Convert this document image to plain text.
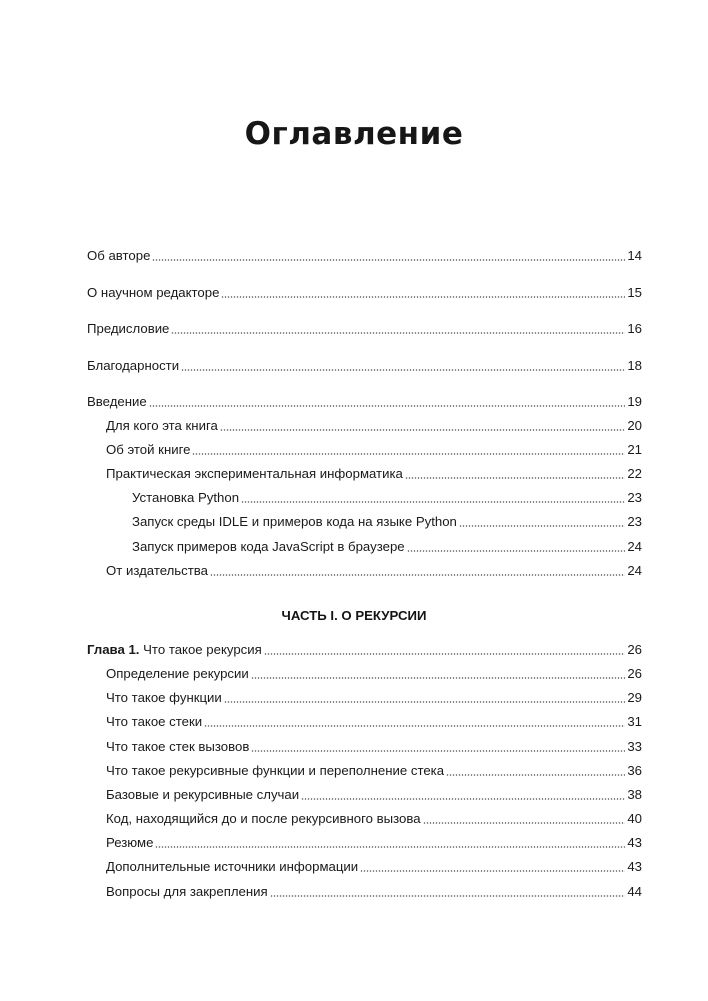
Оглавление
Об авторе	14
О научном редакторе	15
Предисловие	16
Благодарности	18
Введение	19
Для кого эта книга	20
Об этой книге	21
Практическая экспериментальная информатика	22
Установка Python	23
Запуск среды IDLE и примеров кода на языке Python	23
Запуск примеров кода JavaScript в браузере	24
От издательства	24
ЧАСТЬ I. О РЕКУРСИИ
Глава 1. Что такое рекурсия	26
Определение рекурсии	26
Что такое функции	29
Что такое стеки	31
Что такое стек вызовов	33
Что такое рекурсивные функции и переполнение стека	36
Базовые и рекурсивные случаи	38
Код, находящийся до и после рекурсивного вызова	40
Резюме	43
Дополнительные источники информации	43
Вопросы для закрепления	44
